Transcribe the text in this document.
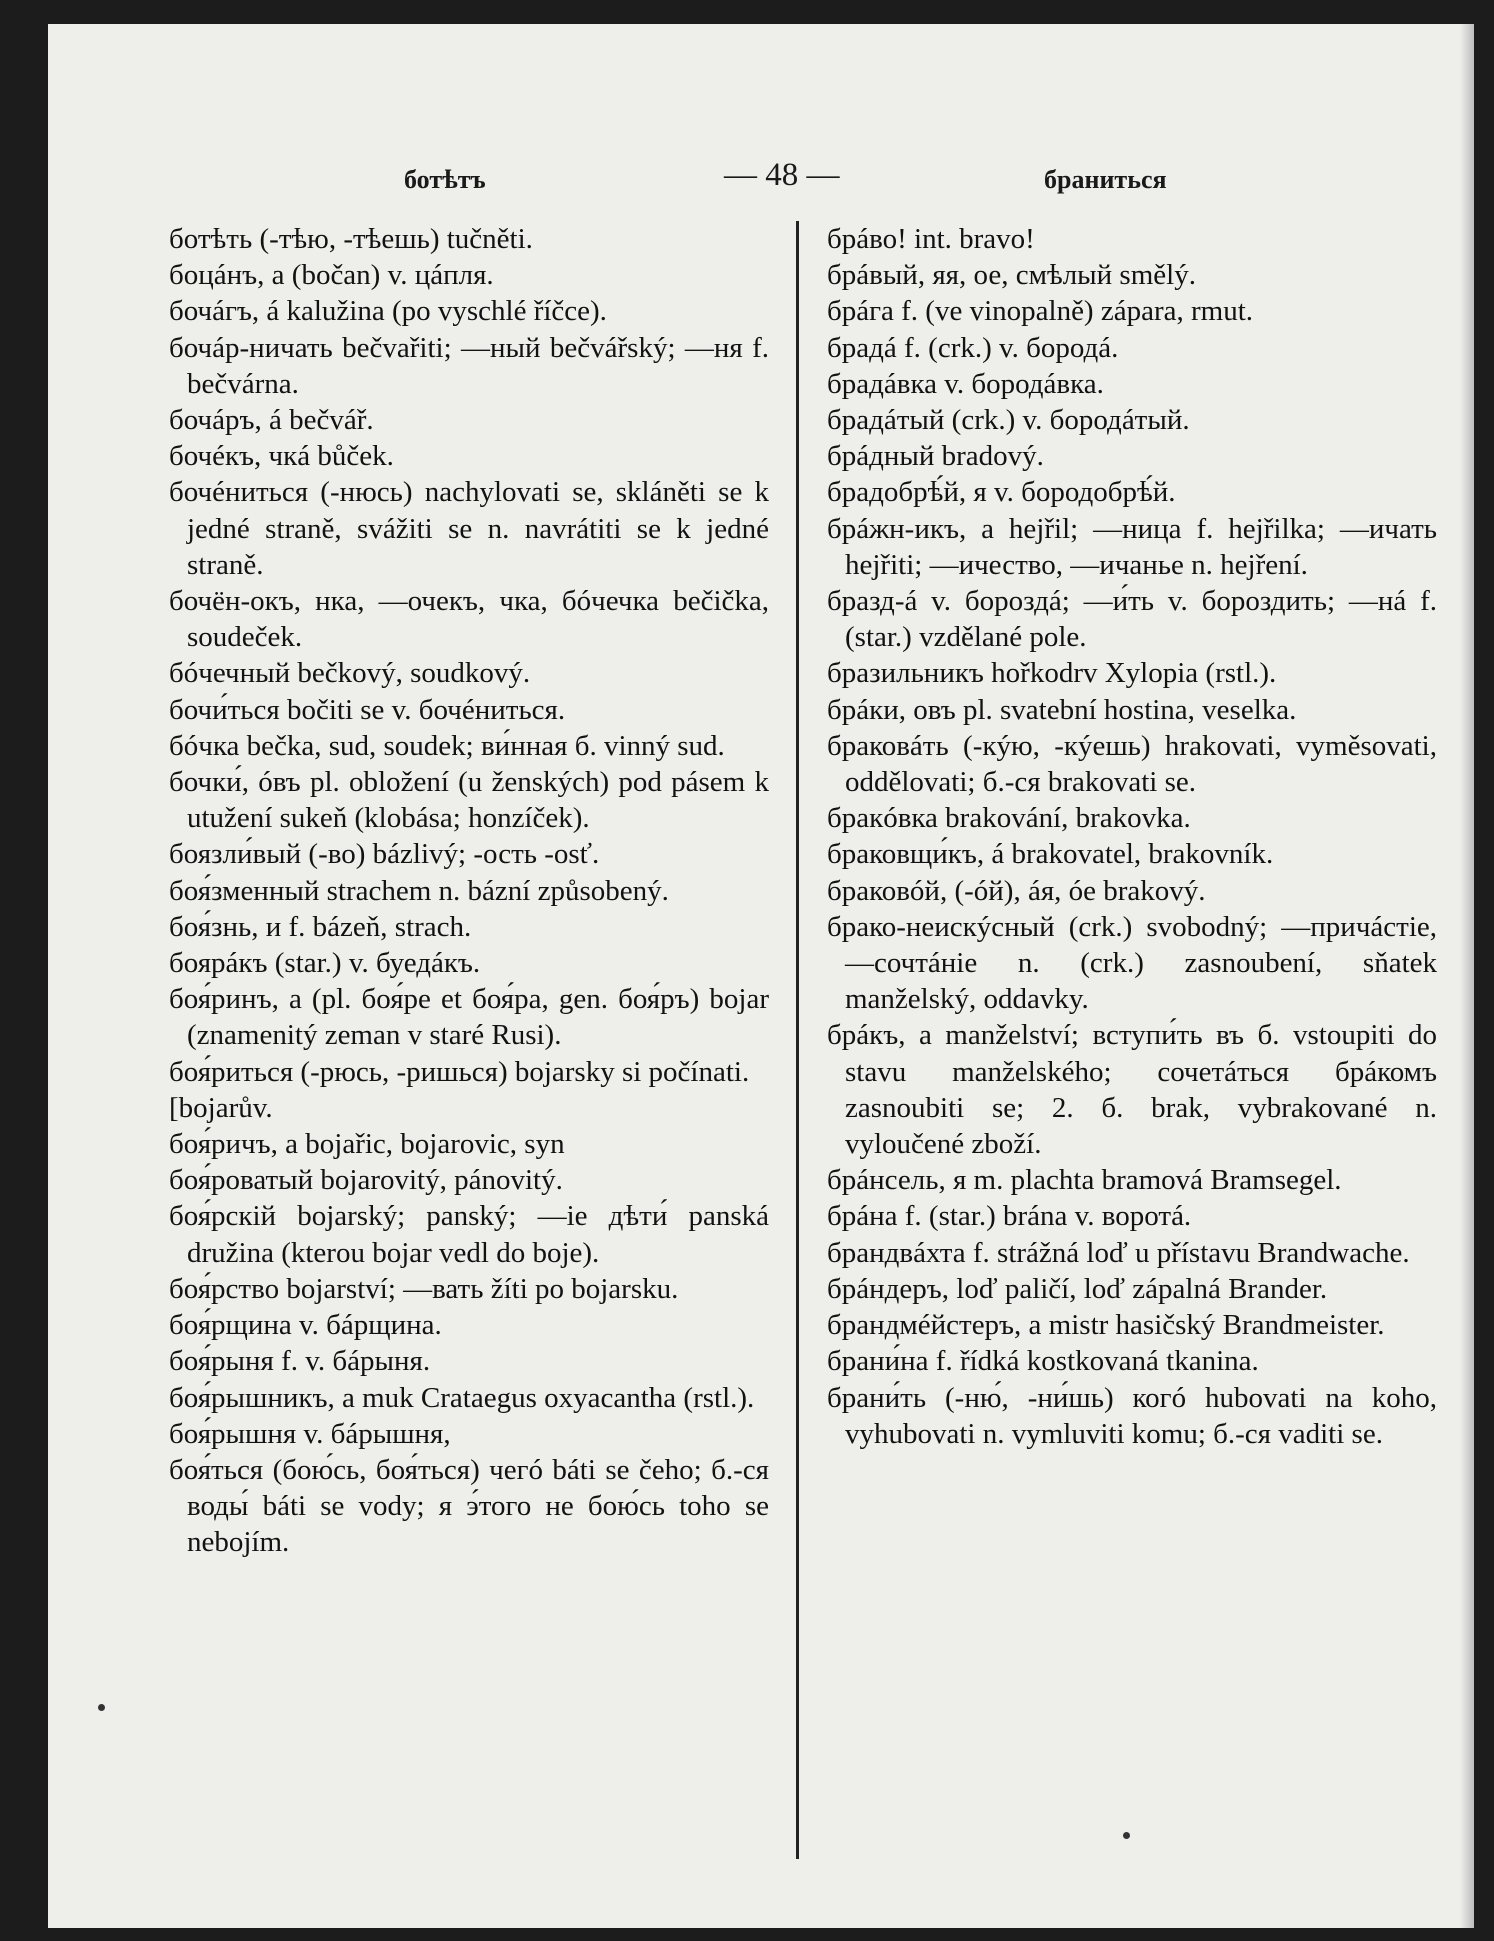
ботѣтъ	— 48 —	браниться
ботѣть (-тѣю, -тѣешь) tučněti.
боцáнъ, а (bočan) v. цáпля.
бочáгъ, á kalužina (po vyschlé říčce).
бочáр-ничать bečvařiti; —ный bečvářský; —ня f. bečvárna.
бочáръ, á bečvář.
бочéкъ, чкá bůček.
бочéниться (-нюсь) nachylovati se, skláněti se k jedné straně, svážiti se n. navrátiti se k jedné straně.
бочён-окъ, нка, —очекъ, чка, бóчечка bečička, soudeček.
бóчечный bečkový, soudkový.
бочи́ться bočiti se v. бочéниться.
бóчка bečka, sud, soudek; ви́нная б. vinný sud.
бочки́, óвъ pl. obložení (u ženských) pod pásem k utužení sukeň (klobása; honzíček).
боязли́вый (-во) bázlivý; -ость -osť.
боя́зменный strachem n. bázní způsobený.
боя́знь, и f. bázeň, strach.
боярáкъ (star.) v. буедáкъ.
боя́ринъ, а (pl. боя́ре et боя́ра, gen. боя́ръ) bojar (znamenitý zeman v staré Rusi).
боя́риться (-рюсь, -ришься) bojarsky si počínati.
[bojarův.
боя́ричъ, а bojařic, bojarovic, syn
боя́роватый bojarovitý, pánovitý.
боя́рскій bojarský; panský; —іе дѣти́ panská družina (kterou bojar vedl do boje).
боя́рство bojarství; —вать žíti po bojarsku.
боя́рщина v. бáрщина.
боя́рыня f. v. бáрыня.
боя́рышникъ, а muk Crataegus oxyacantha (rstl.).
боя́рышня v. бáрышня,
боя́ться (бою́сь, боя́ться) чегó báti se čeho; б.-ся воды́ báti se vody; я э́того не бою́сь toho se nebojím.
брáво! int. bravo!
брáвый, яя, ое, смѣлый smělý.
брáга f. (ve vinopalně) zápara, rmut.
брадá f. (crk.) v. бородá.
брадáвка v. бородáвка.
брадáтый (crk.) v. бородáтый.
брáдный bradový.
брадобрѣ́й, я v. бородобрѣ́й.
брáжн-икъ, а hejřil; —ница f. hejřilka; —ичать hejřiti; —ичество, —ичанье n. hejření.
бразд-á v. бороздá; —и́ть v. бороздить; —нá f. (star.) vzdělané pole.
бразильникъ hořkodrv Xylopia (rstl.).
брáки, овъ pl. svatební hostina, veselka.
браковáть (-кýю, -кýешь) hrakovati, vyměsovati, oddělovati; б.-ся brakovati se.
бракóвка brakování, brakovka.
браковщи́къ, á brakovatel, brakovník.
браковóй, (-óй), áя, óе brakový.
брако-неискýсный (crk.) svobodný; —причáстіе, —сочтáніе n. (crk.) zasnoubení, sňatek manželský, oddavky.
брáкъ, а manželství; вступи́ть въ б. vstoupiti do stavu manželského; сочетáться брáкомъ zasnoubiti se; 2. б. brak, vybrakované n. vyloučené zboží.
брáнсель, я m. plachta bramová Bramsegel.
брáна f. (star.) brána v. воротá.
брандвáхта f. strážná loď u přístavu Brandwache.
брáндеръ, loď paličí, loď zápalná Brander.
брандмéйстеръ, а mistr hasičský Brandmeister.
брани́на f. řídká kostkovaná tkanina.
брани́ть (-ню́, -ни́шь) когó hubovati na koho, vyhubovati n. vymluviti komu; б.-ся vaditi se.
